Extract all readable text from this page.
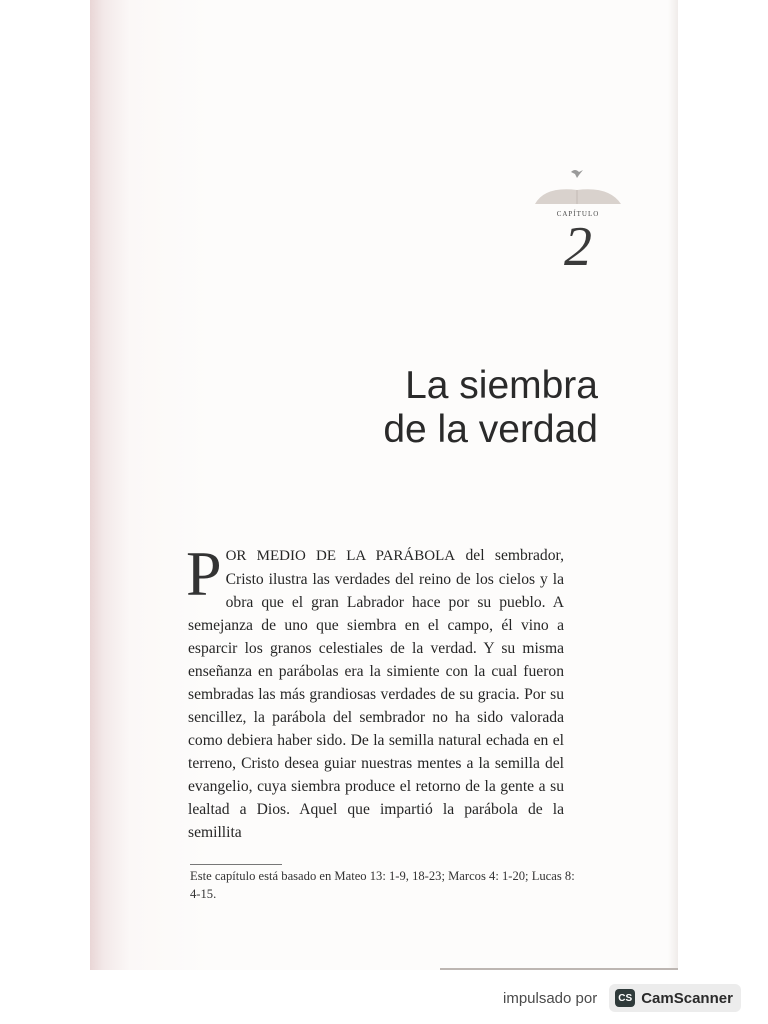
CAPÍTULO
2
La siembra
de la verdad
POR MEDIO DE LA PARÁBOLA del sembrador, Cristo ilustra las verdades del reino de los cielos y la obra que el gran Labrador hace por su pueblo. A semejanza de uno que siembra en el campo, él vino a esparcir los granos celestiales de la verdad. Y su misma enseñanza en parábolas era la simiente con la cual fueron sembradas las más grandiosas verdades de su gracia. Por su sencillez, la parábola del sembrador no ha sido valorada como debiera haber sido. De la semilla natural echada en el terreno, Cristo desea guiar nuestras mentes a la semilla del evangelio, cuya siembra produce el retorno de la gente a su lealtad a Dios. Aquel que impartió la parábola de la semillita
Este capítulo está basado en Mateo 13: 1-9, 18-23; Marcos 4: 1-20; Lucas 8: 4-15.
impulsado por	CS CamScanner
